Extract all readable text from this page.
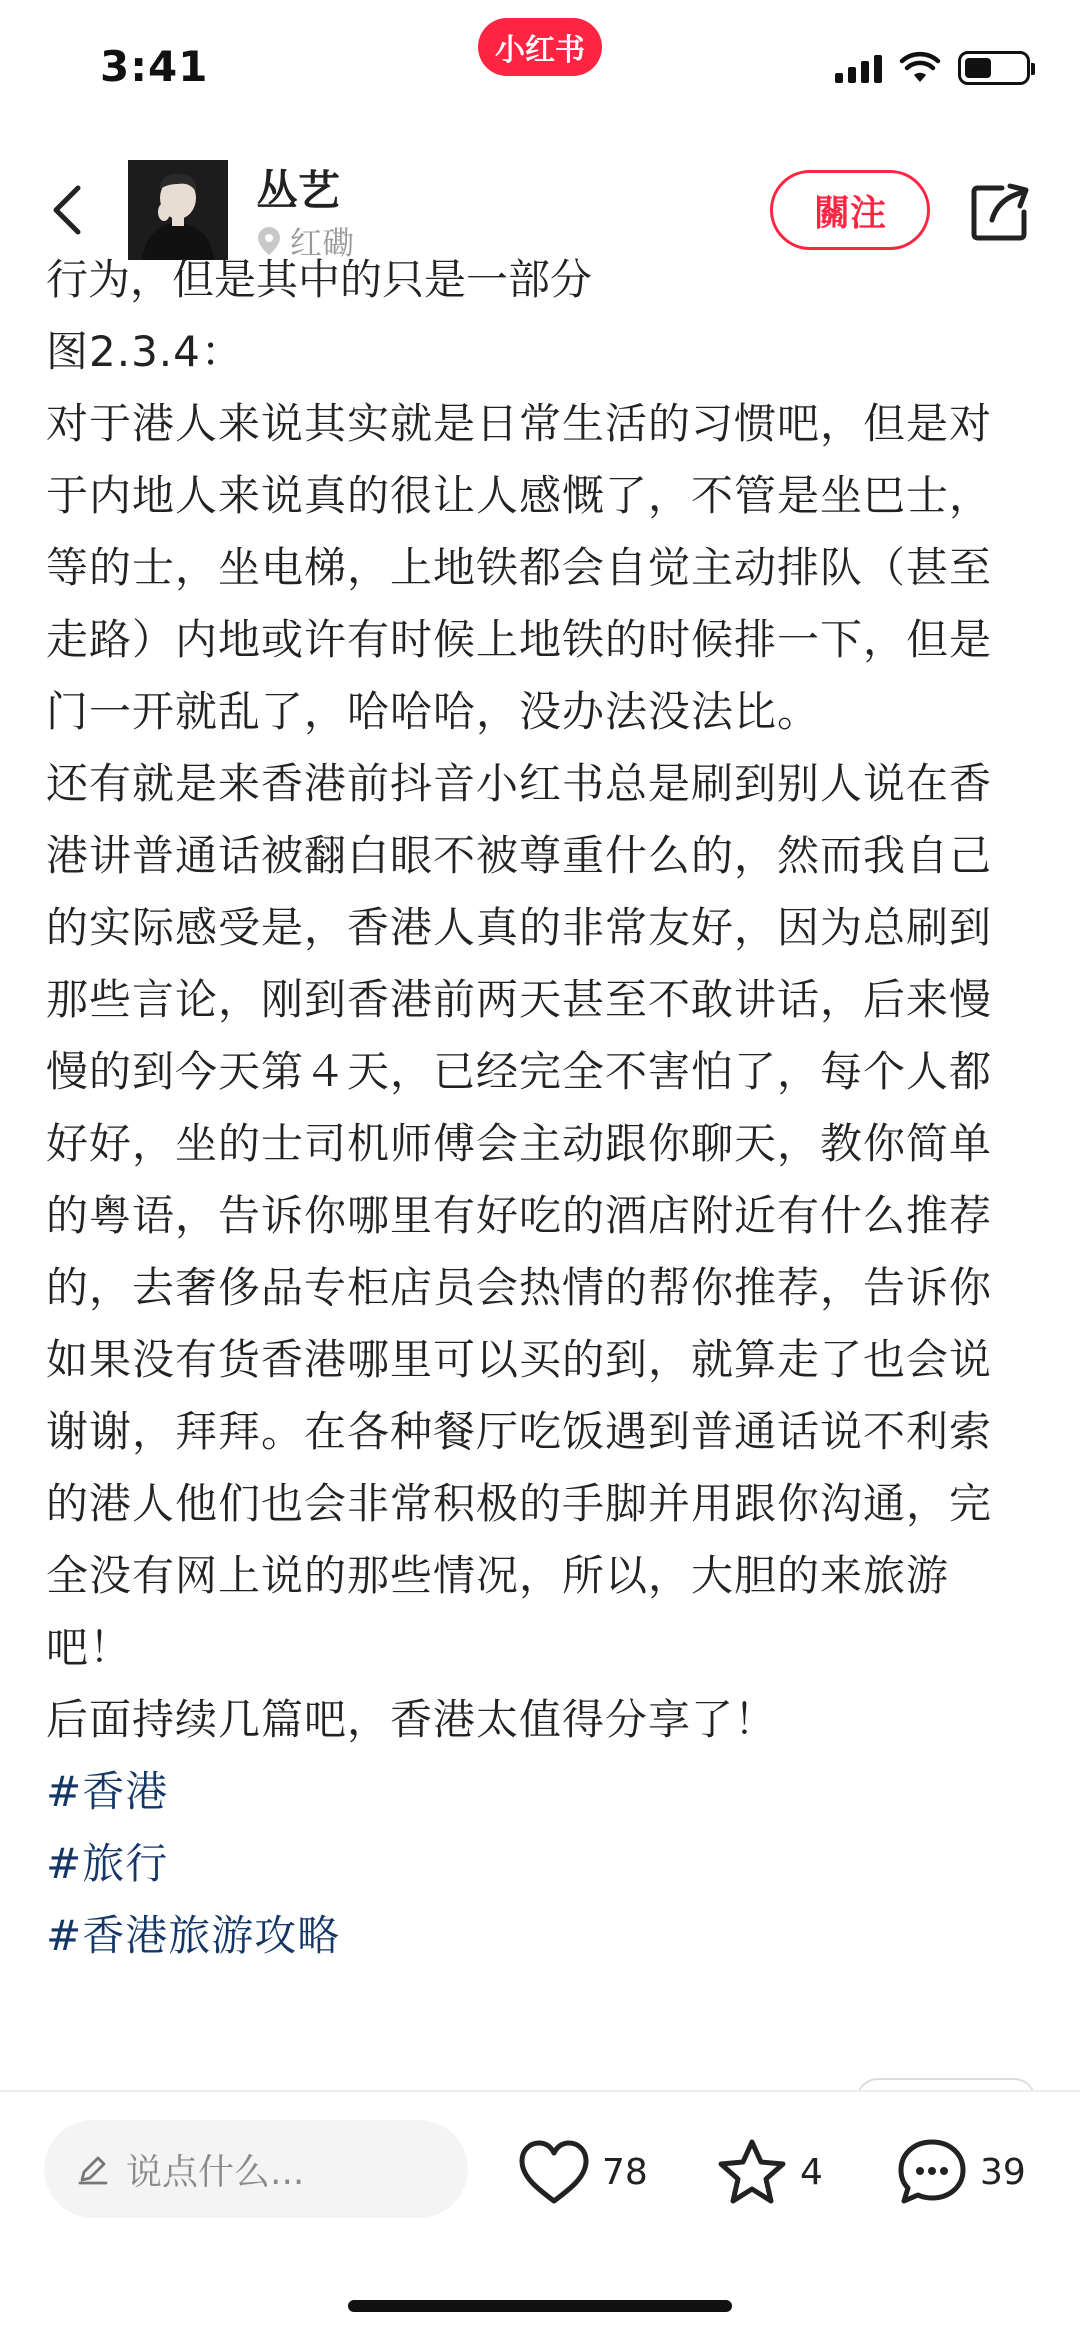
3:41	小红书
丛艺
红磡
關注
行为，但是其中的只是一部分

图2.3.4：

对于港人来说其实就是日常生活的习惯吧，但是对于内地人来说真的很让人感慨了，不管是坐巴士，等的士，坐电梯，上地铁都会自觉主动排队（甚至走路）内地或许有时候上地铁的时候排一下，但是门一开就乱了，哈哈哈，没办法没法比。

还有就是来香港前抖音小红书总是刷到别人说在香港讲普通话被翻白眼不被尊重什么的，然而我自己的实际感受是，香港人真的非常友好，因为总刷到那些言论，刚到香港前两天甚至不敢讲话，后来慢慢的到今天第４天，已经完全不害怕了，每个人都好好，坐的士司机师傅会主动跟你聊天，教你简单的粤语，告诉你哪里有好吃的酒店附近有什么推荐的，去奢侈品专柜店员会热情的帮你推荐，告诉你如果没有货香港哪里可以买的到，就算走了也会说谢谢，拜拜。在各种餐厅吃饭遇到普通话说不利索的港人他们也会非常积极的手脚并用跟你沟通，完全没有网上说的那些情况，所以，大胆的来旅游吧！

后面持续几篇吧，香港太值得分享了！

#香港

#旅行

#香港旅游攻略

说点什么...	78	4	39
